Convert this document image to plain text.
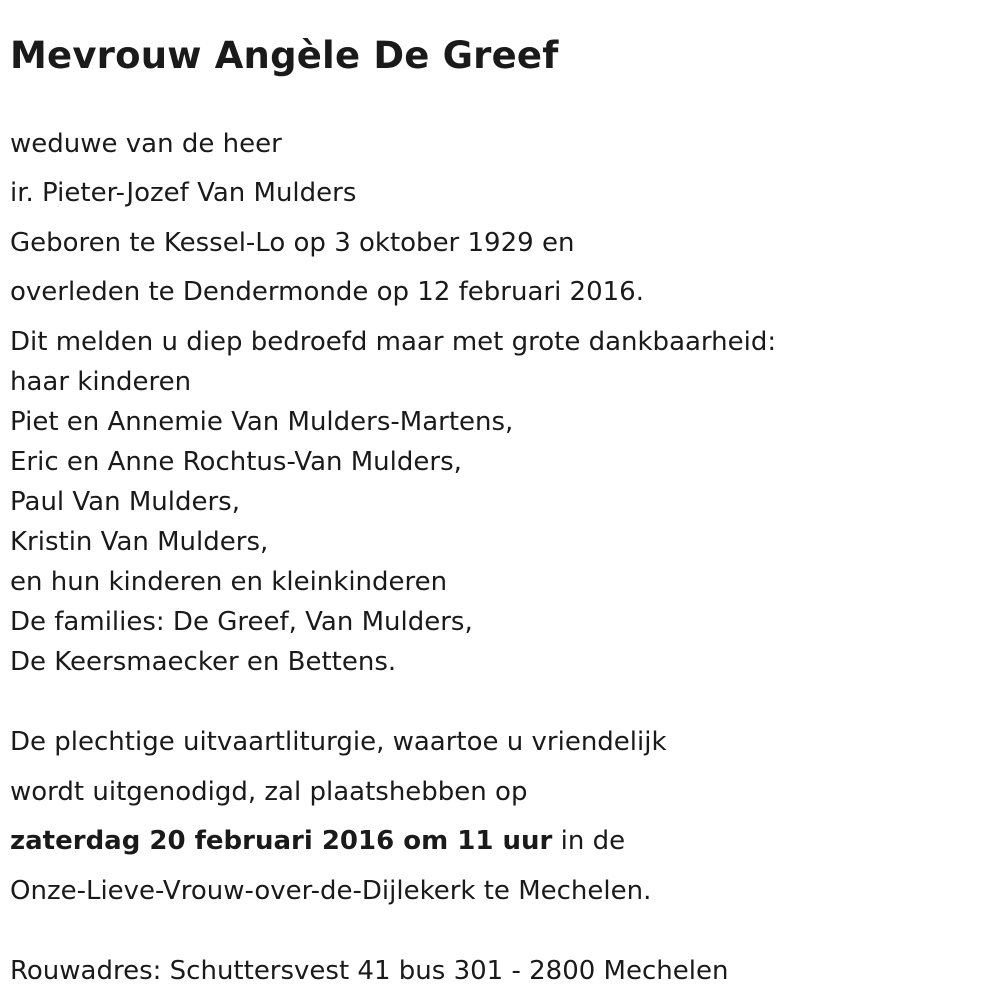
Mevrouw Angèle De Greef

weduwe van de heer

ir. Pieter-Jozef Van Mulders

Geboren te Kessel-Lo op 3 oktober 1929 en

overleden te Dendermonde op 12 februari 2016.

Dit melden u diep bedroefd maar met grote dankbaarheid:

haar kinderen

Piet en Annemie Van Mulders-Martens,

Eric en Anne Rochtus-Van Mulders,

Paul Van Mulders,

Kristin Van Mulders,

en hun kinderen en kleinkinderen

De families: De Greef, Van Mulders,

De Keersmaecker en Bettens.

De plechtige uitvaartliturgie, waartoe u vriendelijk

wordt uitgenodigd, zal plaatshebben op

zaterdag 20 februari 2016 om 11 uur in de

Onze-Lieve-Vrouw-over-de-Dijlekerk te Mechelen.

Rouwadres: Schuttersvest 41 bus 301 - 2800 Mechelen
